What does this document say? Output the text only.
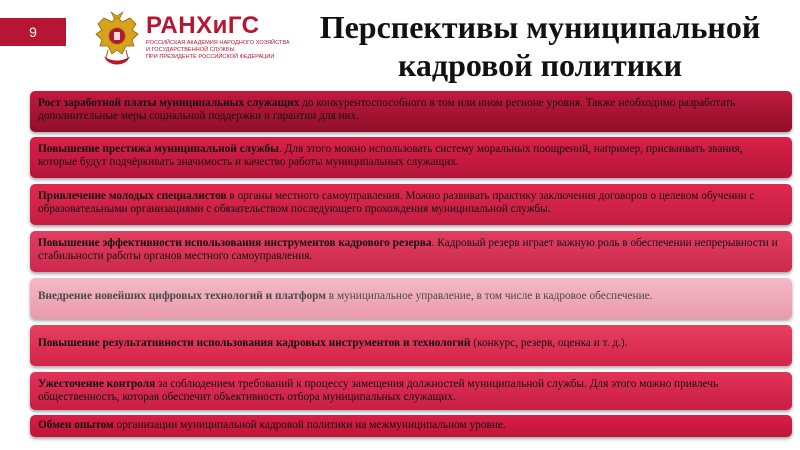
9	РАНХиГС
РОССИЙСКАЯ АКАДЕМИЯ НАРОДНОГО ХОЗЯЙСТВА
И ГОСУДАРСТВЕННОЙ СЛУЖБЫ
ПРИ ПРЕЗИДЕНТЕ РОССИЙСКОЙ ФЕДЕРАЦИИ
Перспективы муниципальной кадровой политики
Рост заработной платы муниципальных служащих до конкурентоспособного в том или ином регионе уровня. Также необходимо разработать дополнительные меры социальной поддержки и гарантии для них.
Повышение престижа муниципальной службы. Для этого можно использовать систему моральных поощрений, например, присваивать звания, которые будут подчёркивать значимость и качество работы муниципальных служащих.
Привлечение молодых специалистов в органы местного самоуправления. Можно развивать практику заключения договоров о целевом обучении с образовательными организациями с обязательством последующего прохождения муниципальной службы.
Повышение эффективности использования инструментов кадрового резерва. Кадровый резерв играет важную роль в обеспечении непрерывности и стабильности работы органов местного самоуправления.
Внедрение новейших цифровых технологий и платформ в муниципальное управление, в том числе в кадровое обеспечение.
Повышение результативности использования кадровых инструментов и технологий (конкурс, резерв, оценка и т. д.).
Ужесточение контроля за соблюдением требований к процессу замещения должностей муниципальной службы. Для этого можно привлечь общественность, которая обеспечит объективность отбора муниципальных служащих.
Обмен опытом организации муниципальной кадровой политики на межмуниципальном уровне.
